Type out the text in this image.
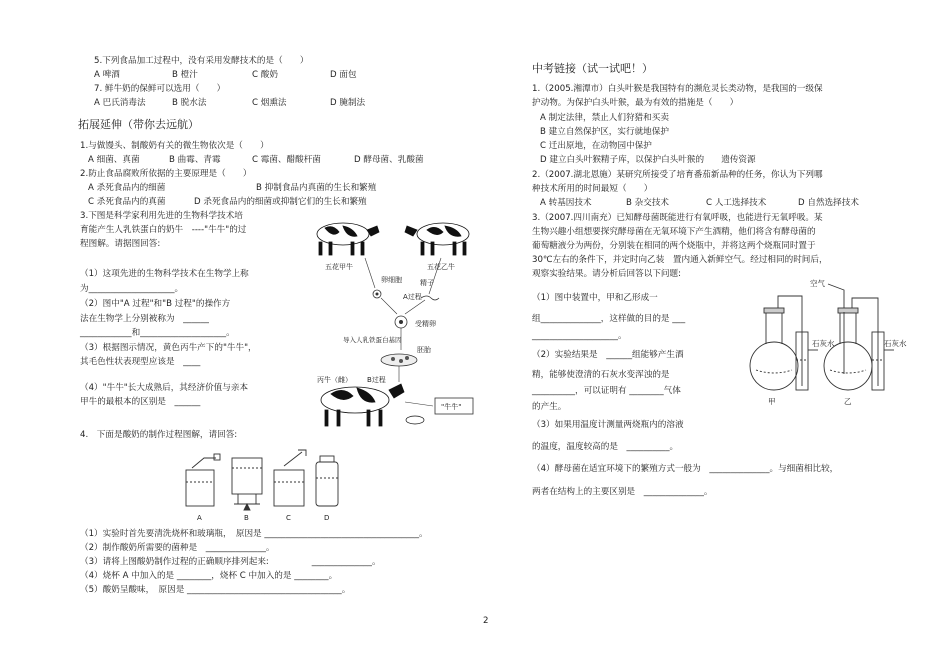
5.下列食品加工过程中，没有采用发酵技术的是（　　）
A 啤酒	B 橙汁	C 酸奶	D 面包
7. 鲜牛奶的保鲜可以选用（　　）
A 巴氏消毒法	B 脱水法	C 烟熏法	D 腌制法
拓展延伸（带你去远航）
1.与做馒头、制酸奶有关的微生物依次是（　　）
A 细菌、真菌	B 曲霉、青霉	C 霉菌、醋酸杆菌	D 酵母菌、乳酸菌
2.防止食品腐败所依据的主要原理是（　　）
A 杀死食品内的细菌	B 抑制食品内真菌的生长和繁殖
C 杀死食品内的真菌	D 杀死食品内的细菌或抑制它们的生长和繁殖
3.下图是科学家利用先进的生物科学技术培
育能产生人乳铁蛋白的奶牛　----"牛牛"的过
程图解。请据图回答:
（1）这项先进的生物科学技术在生物学上称
为____________________。
（2）图中"A 过程"和"B 过程"的操作方
法在生物学上分别被称为　______
____________和____________________。
（3）根据图示情况，黄色丙牛产下的"牛牛"，
其毛色性状表现型应该是　____
（4）"牛牛"长大成熟后，其经济价值与亲本
甲牛的最根本的区别是　______
五花甲牛	五花乙牛
卵细胞	精子
A过程
受精卵
导入人乳铁蛋白基因
胚胎
丙牛（雌） B过程
"牛牛"
4.　下面是酸奶的制作过程图解，请回答:
A	B	C	D
（1）实验时首先要清洗烧杯和玻璃瓶，　原因是 ____________________________________。
（2）制作酸奶所需要的菌种是　______________。
（3）请将上图酸奶制作过程的正确顺序排列起来:　　　　　______________。
（4）烧杯 A 中加入的是 ________，烧杯 C 中加入的是 ________。
（5）酸奶呈酸味，　原因是 ____________________________________。
中考链接（试一试吧！）
1.（2005.湘潭市）白头叶猴是我国特有的濒危灵长类动物，是我国的一级保
护动物。为保护白头叶猴，最为有效的措施是（　　）
A 制定法律，禁止人们狩猎和买卖
B 建立自然保护区，实行就地保护
C 迁出原地，在动物园中保护
D 建立白头叶猴精子库，以保护白头叶猴的　　遗传资源
2.（2007.湖北恩施）某研究所接受了培育番茄新品种的任务，你认为下列哪
种技术所用的时间最短（　　）
A 转基因技术	B 杂交技术	C 人工选择技术	D 自然选择技术
3.（2007.四川南充）已知酵母菌既能进行有氧呼吸，也能进行无氧呼吸。某
生物兴趣小组想要探究酵母菌在无氧环境下产生酒精，他们将含有酵母菌的
葡萄糖液分为两份，分别装在相同的两个烧瓶中，并将这两个烧瓶同时置于
30℃左右的条件下，并定时向乙装　置内通入新鲜空气。经过相同的时间后，
观察实验结果。请分析后回答以下问题:
（1）图中装置中，甲和乙形成一
组______________，这样做的目的是 ___
____________________。
（2）实验结果是　______组能够产生酒
精，能够使澄清的石灰水变浑浊的是
__________，可以证明有 ________气体
的产生。
（3）如果用温度计测量两烧瓶内的溶液
的温度，温度较高的是　__________。
（4）酵母菌在适宜环境下的繁殖方式一般为　______________。与细菌相比较，
两者在结构上的主要区别是　______________。
空气
甲	乙
石灰水	石灰水
2
